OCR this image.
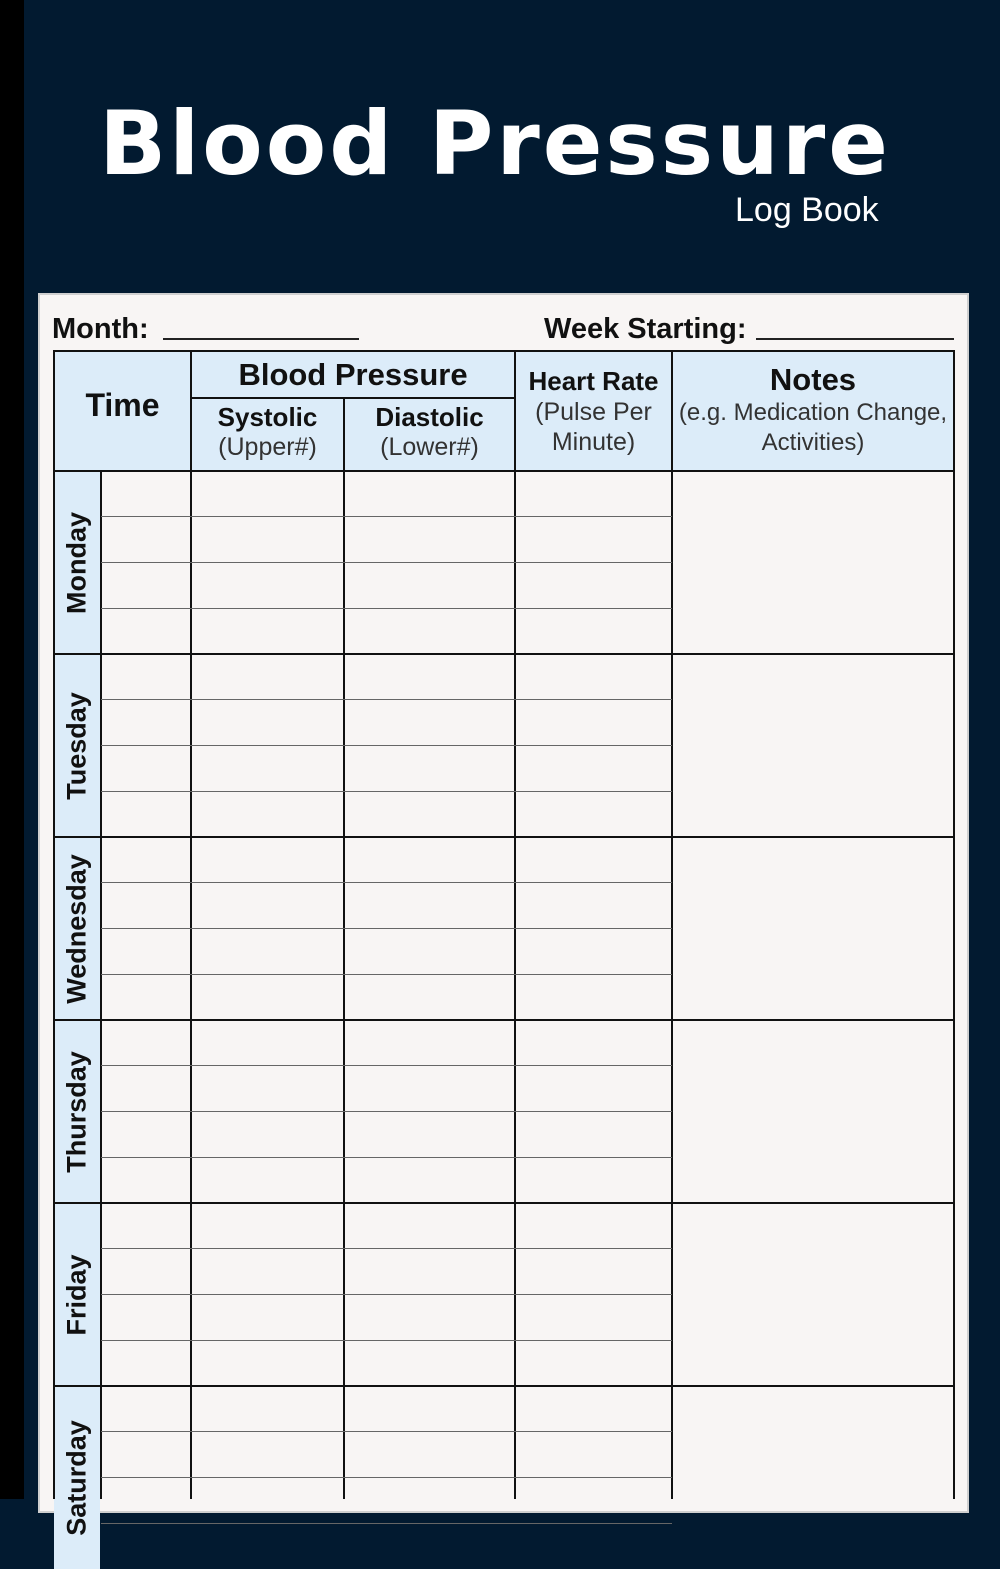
Blood Pressure
Log Book
Month:	Week Starting:
Time
Blood Pressure
Systolic
(Upper#)
Diastolic
(Lower#)
Heart Rate
(Pulse Per
Minute)
Notes
(e.g. Medication Change,
Activities)
Monday
Tuesday
Wednesday
Thursday
Friday
Saturday
